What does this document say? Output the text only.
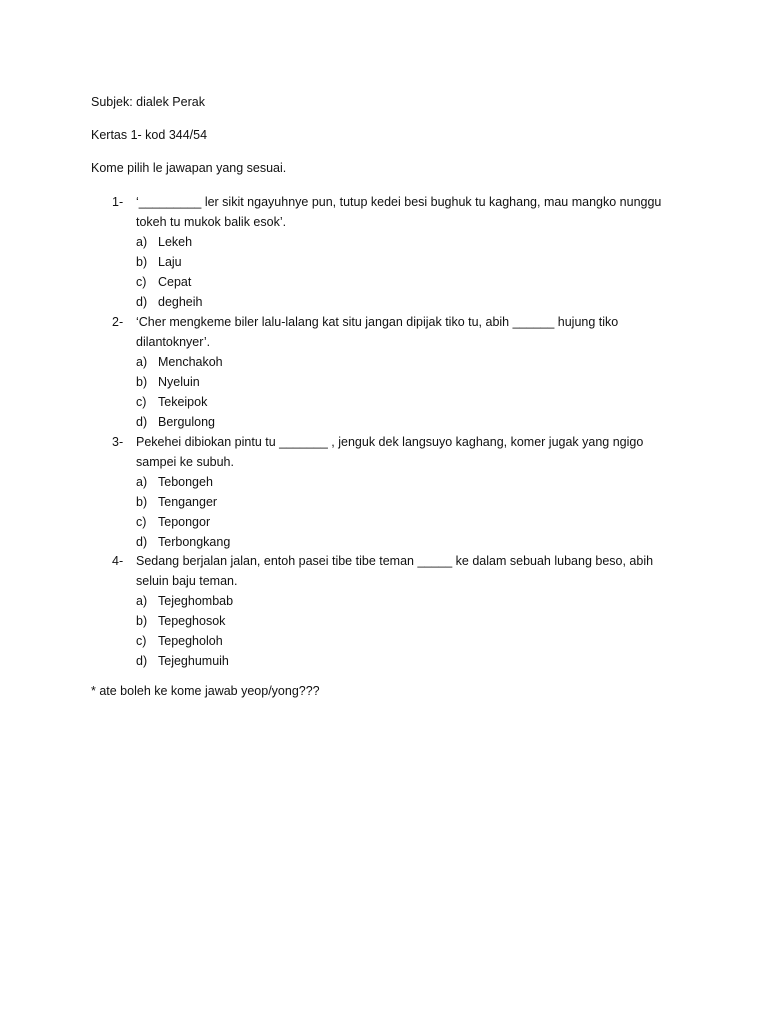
Subjek: dialek Perak
Kertas 1- kod 344/54
Kome pilih le jawapan yang sesuai.
1- ‘_________ ler sikit ngayuhnye pun, tutup kedei besi bughuk tu kaghang, mau mangko nunggu tokeh tu mukok balik esok’.
a) Lekeh
b) Laju
c) Cepat
d) degheih
2- ‘Cher mengkeme biler lalu-lalang kat situ jangan dipijak tiko tu, abih ______ hujung tiko dilantoknyer’.
a) Menchakoh
b) Nyeluin
c) Tekeipok
d) Bergulong
3- Pekehei dibiokan pintu tu _______ , jenguk dek langsuyo kaghang, komer jugak yang ngigo sampei ke subuh.
a) Tebongeh
b) Tenganger
c) Tepongor
d) Terbongkang
4- Sedang berjalan jalan, entoh pasei tibe tibe teman _____ ke dalam sebuah lubang beso, abih seluin baju teman.
a) Tejeghombab
b) Tepeghosok
c) Tepegholoh
d) Tejeghumuih
* ate boleh ke kome jawab yeop/yong???
